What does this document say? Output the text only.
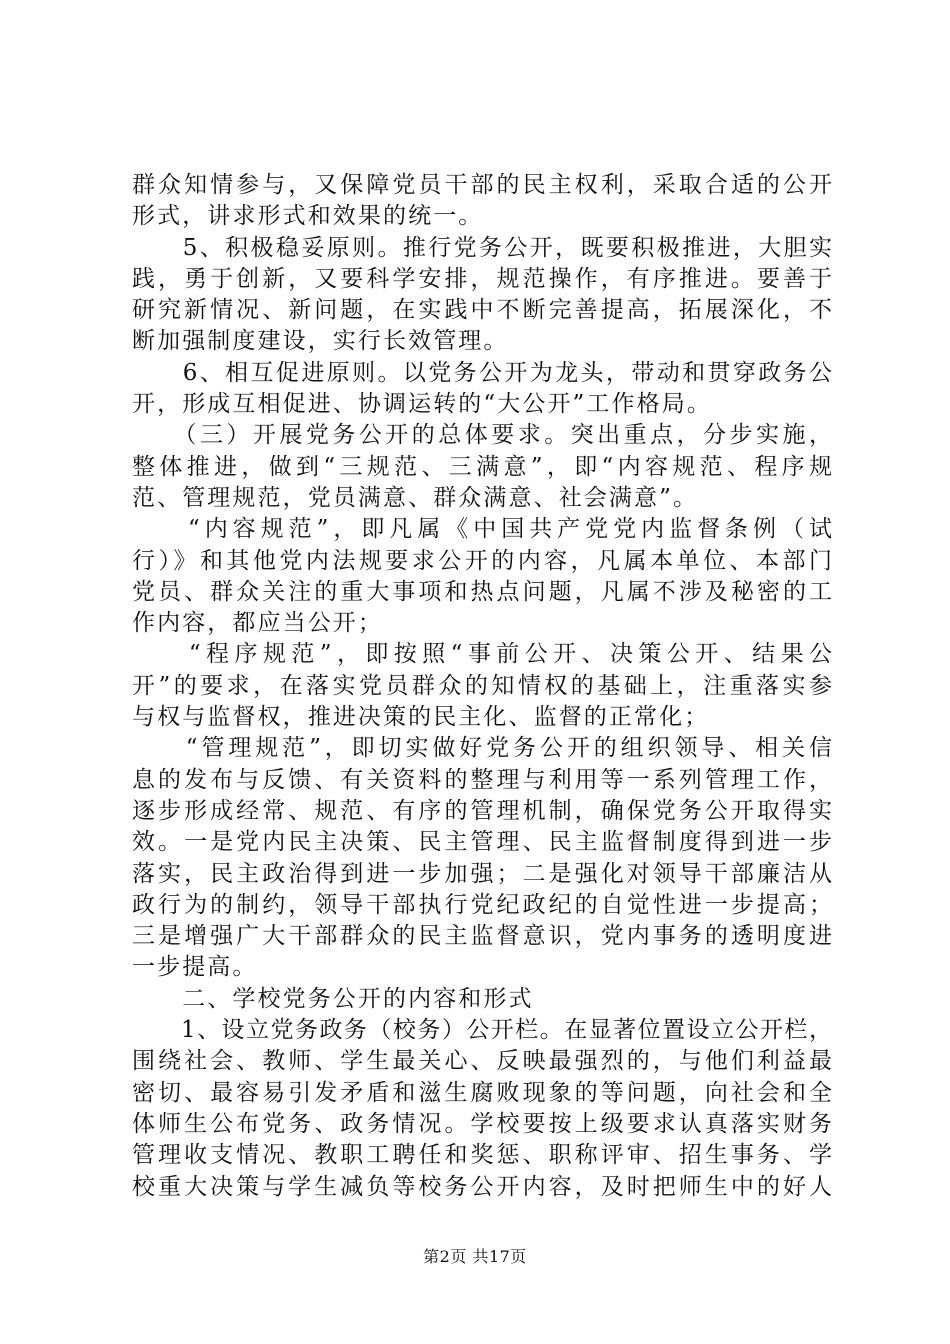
群众知情参与，又保障党员干部的民主权利，采取合适的公开
形式，讲求形式和效果的统一。
　　5、积极稳妥原则。推行党务公开，既要积极推进，大胆实
践，勇于创新，又要科学安排，规范操作，有序推进。要善于
研究新情况、新问题，在实践中不断完善提高，拓展深化，不
断加强制度建设，实行长效管理。
　　6、相互促进原则。以党务公开为龙头，带动和贯穿政务公
开，形成互相促进、协调运转的“大公开”工作格局。
　　（三）开展党务公开的总体要求。突出重点，分步实施，
整体推进，做到“三规范、三满意”，即“内容规范、程序规
范、管理规范，党员满意、群众满意、社会满意”。
　　“内容规范”，即凡属《中国共产党党内监督条例（试
行）》和其他党内法规要求公开的内容，凡属本单位、本部门
党员、群众关注的重大事项和热点问题，凡属不涉及秘密的工
作内容，都应当公开；
　　“程序规范”，即按照“事前公开、决策公开、结果公
开”的要求，在落实党员群众的知情权的基础上，注重落实参
与权与监督权，推进决策的民主化、监督的正常化；
　　“管理规范”，即切实做好党务公开的组织领导、相关信
息的发布与反馈、有关资料的整理与利用等一系列管理工作，
逐步形成经常、规范、有序的管理机制，确保党务公开取得实
效。一是党内民主决策、民主管理、民主监督制度得到进一步
落实，民主政治得到进一步加强；二是强化对领导干部廉洁从
政行为的制约，领导干部执行党纪政纪的自觉性进一步提高；
三是增强广大干部群众的民主监督意识，党内事务的透明度进
一步提高。
　　二、学校党务公开的内容和形式
　　1、设立党务政务（校务）公开栏。在显著位置设立公开栏，
围绕社会、教师、学生最关心、反映最强烈的，与他们利益最
密切、最容易引发矛盾和滋生腐败现象的等问题，向社会和全
体师生公布党务、政务情况。学校要按上级要求认真落实财务
管理收支情况、教职工聘任和奖惩、职称评审、招生事务、学
校重大决策与学生减负等校务公开内容，及时把师生中的好人
第2页 共17页
